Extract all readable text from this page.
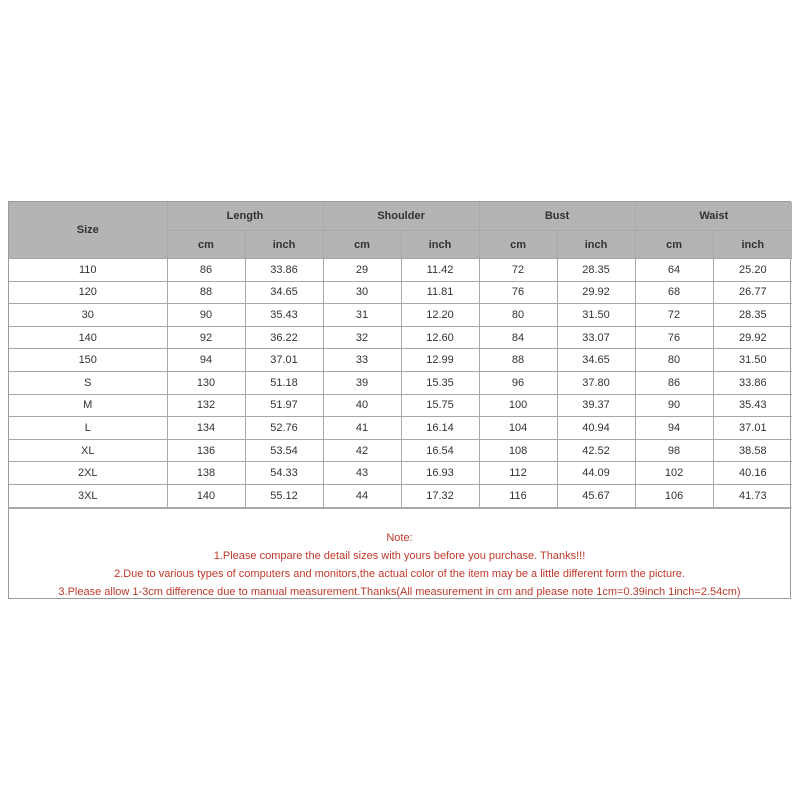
Size	Length		Shoulder		Bust		Waist	
	cm	inch	cm	inch	cm	inch	cm	inch
110	86	33.86	29	11.42	72	28.35	64	25.20
120	88	34.65	30	11.81	76	29.92	68	26.77
30	90	35.43	31	12.20	80	31.50	72	28.35
140	92	36.22	32	12.60	84	33.07	76	29.92
150	94	37.01	33	12.99	88	34.65	80	31.50
S	130	51.18	39	15.35	96	37.80	86	33.86
M	132	51.97	40	15.75	100	39.37	90	35.43
L	134	52.76	41	16.14	104	40.94	94	37.01
XL	136	53.54	42	16.54	108	42.52	98	38.58
2XL	138	54.33	43	16.93	112	44.09	102	40.16
3XL	140	55.12	44	17.32	116	45.67	106	41.73
Note:
1.Please compare the detail sizes with yours before you purchase. Thanks!!!
2.Due to various types of computers and monitors,the actual color of the item may be a little different form the picture.
3.Please allow 1-3cm difference due to manual measurement.Thanks(All measurement in cm and please note 1cm=0.39inch 1inch=2.54cm)
